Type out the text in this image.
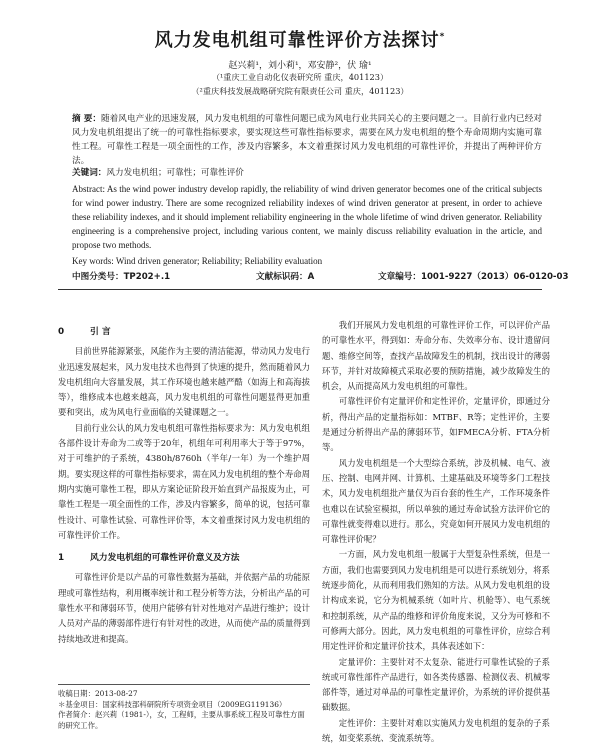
风力发电机组可靠性评价方法探讨*
赵兴莉¹，刘小莉¹，邓安静²，伏 瑜¹
（¹重庆工业自动化仪表研究所 重庆，401123）
（²重庆科技发展战略研究院有限责任公司 重庆，401123）
摘 要：随着风电产业的迅速发展，风力发电机组的可靠性问题已成为风电行业共同关心的主要问题之一。目前行业内已经对风力发电机组提出了统一的可靠性指标要求，要实现这些可靠性指标要求，需要在风力发电机组的整个寿命周期内实施可靠性工程。可靠性工程是一项全面性的工作，涉及内容繁多，本文着重探讨风力发电机组的可靠性评价，并提出了两种评价方法。
关键词：风力发电机组；可靠性；可靠性评价
Abstract: As the wind power industry develop rapidly, the reliability of wind driven generator becomes one of the critical subjects for wind power industry. There are some recognized reliability indexes of wind driven generator at present, in order to achieve these reliability indexes, and it should implement reliability engineering in the whole lifetime of wind driven generator. Reliability engineering is a comprehensive project, including various content, we mainly discuss reliability evaluation in the article, and propose two methods.
Key words: Wind driven generator; Reliability; Reliability evaluation
中图分类号：TP202+.1	文献标识码：A	文章编号：1001-9227（2013）06-0120-03
0	引 言

目前世界能源紧张，风能作为主要的清洁能源，带动风力发电行业迅速发展起来，风力发电技术也得到了快速的提升，然而随着风力发电机组向大容量发展，其工作环境也越来越严酷（如海上和高海拔等），维修成本也越来越高，风力发电机组的可靠性问题显得更加重要和突出，成为风电行业面临的关键课题之一。

目前行业公认的风力发电机组可靠性指标要求为：风力发电机组各部件设计寿命为二或等于20年，机组年可利用率大于等于97%，对于可维护的子系统，4380h/8760h（半年/一年）为一个维护周期。要实现这样的可靠性指标要求，需在风力发电机组的整个寿命周期内实施可靠性工程，即从方案论证阶段开始直到产品报废为止，可靠性工程是一项全面性的工作，涉及内容繁多，简单的说，包括可靠性设计、可靠性试验、可靠性评价等，本文着重探讨风力发电机组的可靠性评价工作。

1	风力发电机组的可靠性评价意义及方法

可靠性评价是以产品的可靠性数据为基础，并依据产品的功能原理或可靠性结构，利用概率统计和工程分析等方法，分析出产品的可靠性水平和薄弱环节，使用户能够有针对性地对产品进行维护；设计人员对产品的薄弱部件进行有针对性的改进，从而使产品的质量得到持续地改进和提高。

我们开展风力发电机组的可靠性评价工作，可以评价产品的可靠性水平，得到如：寿命分布、失效率分布、设计遗留问题、维修空间等，查找产品故障发生的机制，找出设计的薄弱环节，并针对故障模式采取必要的预防措施，减少故障发生的机会，从而提高风力发电机组的可靠性。

可靠性评价有定量评价和定性评价，定量评价，即通过分析，得出产品的定量指标如：MTBF、R等；定性评价，主要是通过分析得出产品的薄弱环节，如FMECA分析、FTA分析等。

风力发电机组是一个大型综合系统，涉及机械、电气、液压、控制、电网并网、计算机、土建基础及环境等多门工程技术，风力发电机组批产量仅为百台套的性生产，工作环境条件也难以在试验室模拟，所以单独的通过寿命试验方法评价它的可靠性就变得难以进行。那么，究竟如何开展风力发电机组的可靠性评价呢？

一方面，风力发电机组一般属于大型复杂性系统，但是一方面，我们也需要到风力发电机组是可以进行系统划分，将系统逐步简化，从而利用我们熟知的方法。从风力发电机组的设计构成来说，它分为机械系统（如叶片、机舱等）、电气系统和控制系统，从产品的维修和评价角度来说，又分为可修和不可修两大部分。因此，风力发电机组的可靠性评价，应综合利用定性评价和定量评价技术，具体表述如下：

定量评价：主要针对不太复杂、能进行可靠性试验的子系统或可靠性部件产品进行，如各类传感器、检测仪表、机械零部件等，通过对单品的可靠性定量评价，为系统的评价提供基础数据。

定性评价：主要针对难以实施风力发电机组的复杂的子系统，如变桨系统、变流系统等。

收稿日期：2013-08-27
＊基金项目：国家科技部科研院所专项资金项目（2009EG119136）
作者简介：赵兴莉（1981-），女，工程师，主要从事系统工程及可靠性方面的研究工作。
